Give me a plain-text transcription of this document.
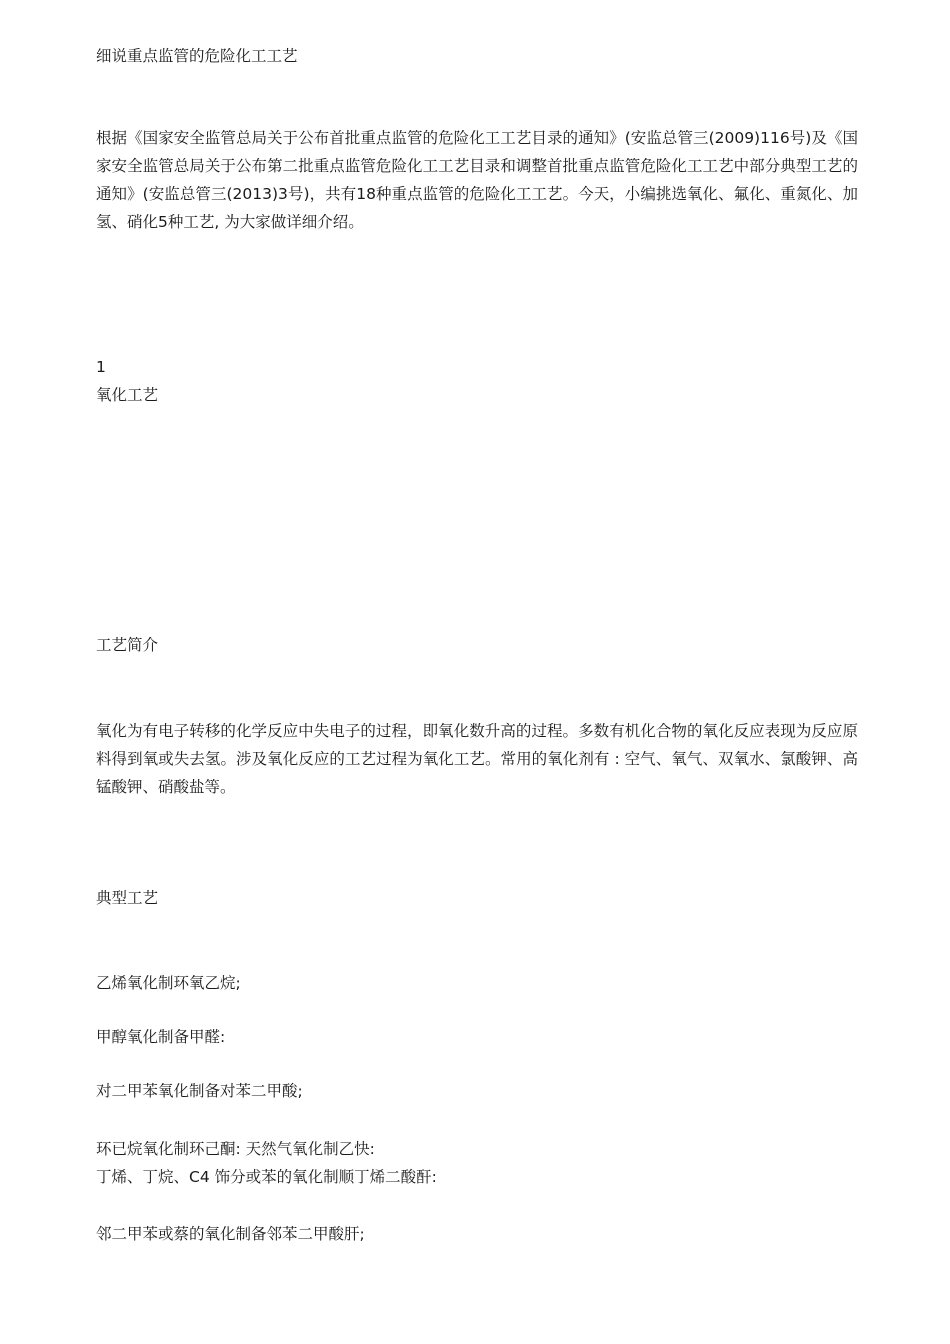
细说重点监管的危险化工工艺
根据《国家安全监管总局关于公布首批重点监管的危险化工工艺目录的通知》(安监总管三(2009)116号)及《国家安全监管总局关于公布第二批重点监管危险化工工艺目录和调整首批重点监管危险化工工艺中部分典型工艺的通知》(安监总管三(2013)3号)，共有18种重点监管的危险化工工艺。今天，小编挑选氧化、氟化、重氮化、加氢、硝化5种工艺, 为大家做详细介绍。
1
氧化工艺
工艺简介
氧化为有电子转移的化学反应中失电子的过程，即氧化数升高的过程。多数有机化合物的氧化反应表现为反应原料得到氧或失去氢。涉及氧化反应的工艺过程为氧化工艺。常用的氧化剂有 : 空气、氧气、双氧水、氯酸钾、高锰酸钾、硝酸盐等。
典型工艺
乙烯氧化制环氧乙烷;
甲醇氧化制备甲醛:
对二甲苯氧化制备对苯二甲酸;
环已烷氧化制环己酮: 天然气氧化制乙快:
丁烯、丁烷、C4 饰分或苯的氧化制顺丁烯二酸酐:
邻二甲苯或蔡的氧化制备邻苯二甲酸肝;
